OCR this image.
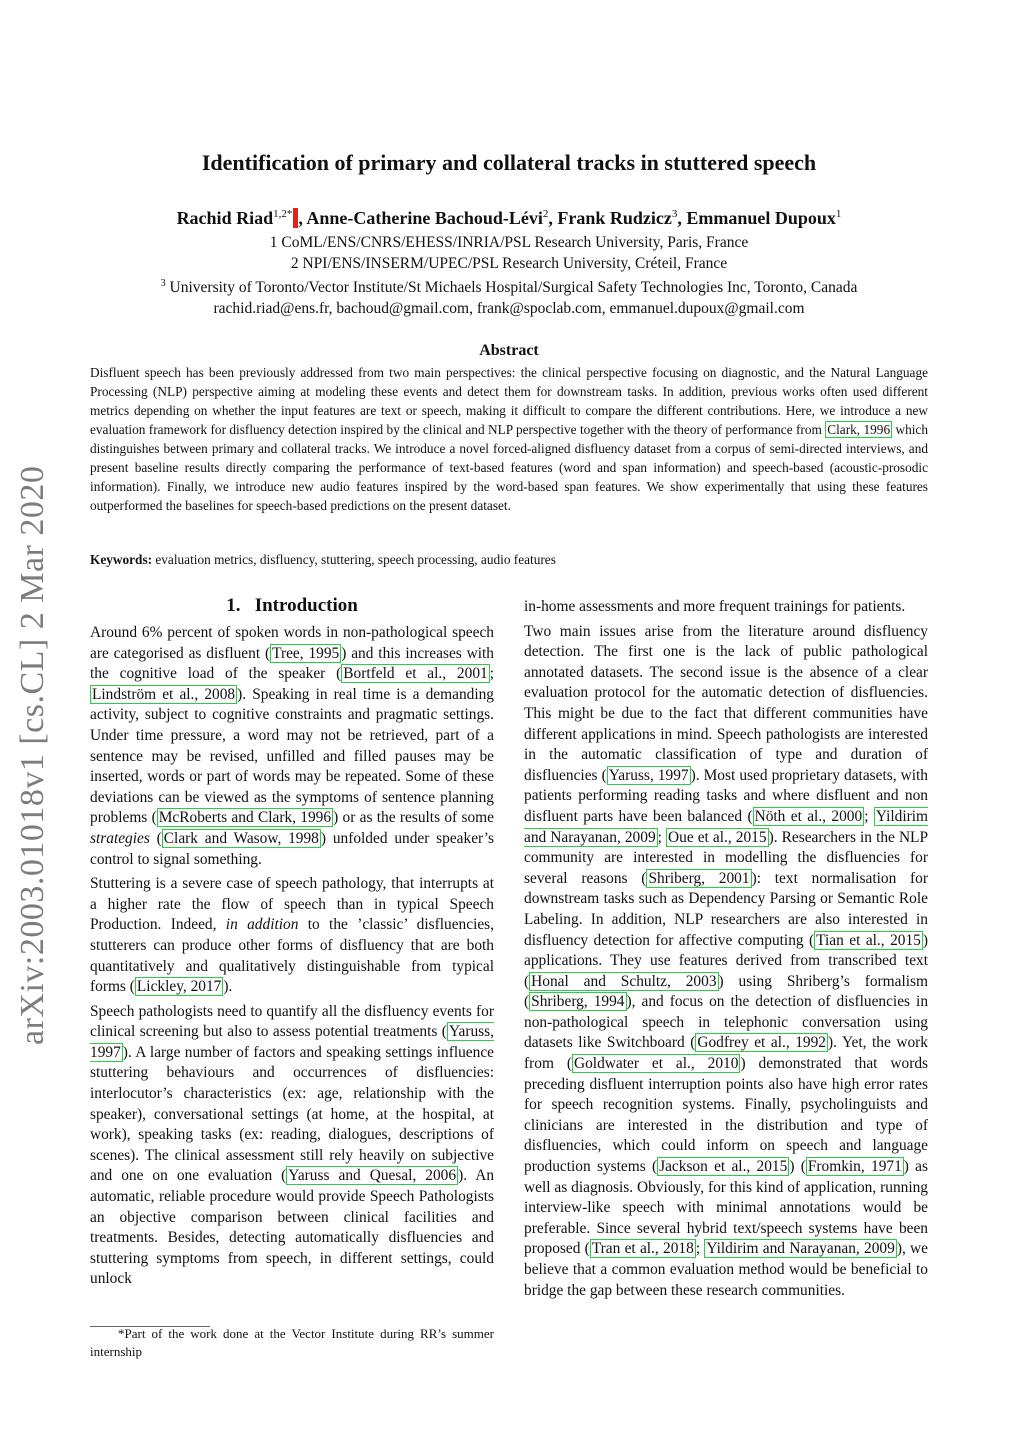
arXiv:2003.01018v1 [cs.CL] 2 Mar 2020
Identification of primary and collateral tracks in stuttered speech
Rachid Riad$^{1,2*}$ , Anne-Catherine Bachoud-Lévi$^2$, Frank Rudzicz$^3$, Emmanuel Dupoux$^1$
1 CoML/ENS/CNRS/EHESS/INRIA/PSL Research University, Paris, France
2 NPI/ENS/INSERM/UPEC/PSL Research University, Créteil, France
$^3$ University of Toronto/Vector Institute/St Michaels Hospital/Surgical Safety Technologies Inc, Toronto, Canada
rachid.riad@ens.fr, bachoud@gmail.com, frank@spoclab.com, emmanuel.dupoux@gmail.com
Abstract
Disfluent speech has been previously addressed from two main perspectives: the clinical perspective focusing on diagnostic, and the Natural Language Processing (NLP) perspective aiming at modeling these events and detect them for downstream tasks. In addition, previous works often used different metrics depending on whether the input features are text or speech, making it difficult to compare the different contributions. Here, we introduce a new evaluation framework for disfluency detection inspired by the clinical and NLP perspective together with the theory of performance from Clark, 1996 which distinguishes between primary and collateral tracks. We introduce a novel forced-aligned disfluency dataset from a corpus of semi-directed interviews, and present baseline results directly comparing the performance of text-based features (word and span information) and speech-based (acoustic-prosodic information). Finally, we introduce new audio features inspired by the word-based span features. We show experimentally that using these features outperformed the baselines for speech-based predictions on the present dataset.
Keywords: evaluation metrics, disfluency, stuttering, speech processing, audio features
1. Introduction

Around 6% percent of spoken words in non-pathological speech are categorised as disfluent ( Tree, 1995 ) and this increases with the cognitive load of the speaker ( Bortfeld et al., 2001 ; Lindström et al., 2008 ). Speaking in real time is a demanding activity, subject to cognitive constraints and pragmatic settings. Under time pressure, a word may not be retrieved, part of a sentence may be revised, unfilled and filled pauses may be inserted, words or part of words may be repeated. Some of these deviations can be viewed as the symptoms of sentence planning problems ( McRoberts and Clark, 1996 ) or as the results of some strategies ( Clark and Wasow, 1998 ) unfolded under speaker’s control to signal something.

Stuttering is a severe case of speech pathology, that interrupts at a higher rate the flow of speech than in typical Speech Production. Indeed, in addition to the ’classic’ disfluencies, stutterers can produce other forms of disfluency that are both quantitatively and qualitatively distinguishable from typical forms ( Lickley, 2017 ).

Speech pathologists need to quantify all the disfluency events for clinical screening but also to assess potential treatments ( Yaruss, 1997 ). A large number of factors and speaking settings influence stuttering behaviours and occurrences of disfluencies: interlocutor’s characteristics (ex: age, relationship with the speaker), conversational settings (at home, at the hospital, at work), speaking tasks (ex: reading, dialogues, descriptions of scenes). The clinical assessment still rely heavily on subjective and one on one evaluation ( Yaruss and Quesal, 2006 ). An automatic, reliable procedure would provide Speech Pathologists an objective comparison between clinical facilities and treatments. Besides, detecting automatically disfluencies and stuttering symptoms from speech, in different settings, could unlock

*Part of the work done at the Vector Institute during RR’s summer internship

in-home assessments and more frequent trainings for patients.

Two main issues arise from the literature around disfluency detection. The first one is the lack of public pathological annotated datasets. The second issue is the absence of a clear evaluation protocol for the automatic detection of disfluencies. This might be due to the fact that different communities have different applications in mind. Speech pathologists are interested in the automatic classification of type and duration of disfluencies ( Yaruss, 1997 ). Most used proprietary datasets, with patients performing reading tasks and where disfluent and non disfluent parts have been balanced ( Nöth et al., 2000 ; Yildirim and Narayanan, 2009 ; Oue et al., 2015 ). Researchers in the NLP community are interested in modelling the disfluencies for several reasons ( Shriberg, 2001 ): text normalisation for downstream tasks such as Dependency Parsing or Semantic Role Labeling. In addition, NLP researchers are also interested in disfluency detection for affective computing ( Tian et al., 2015 ) applications. They use features derived from transcribed text ( Honal and Schultz, 2003 ) using Shriberg’s formalism ( Shriberg, 1994 ), and focus on the detection of disfluencies in non-pathological speech in telephonic conversation using datasets like Switchboard ( Godfrey et al., 1992 ). Yet, the work from ( Goldwater et al., 2010 ) demonstrated that words preceding disfluent interruption points also have high error rates for speech recognition systems. Finally, psycholinguists and clinicians are interested in the distribution and type of disfluencies, which could inform on speech and language production systems ( Jackson et al., 2015 ) ( Fromkin, 1971 ) as well as diagnosis. Obviously, for this kind of application, running interview-like speech with minimal annotations would be preferable. Since several hybrid text/speech systems have been proposed ( Tran et al., 2018 ; Yildirim and Narayanan, 2009 ), we believe that a common evaluation method would be beneficial to bridge the gap between these research communities.
